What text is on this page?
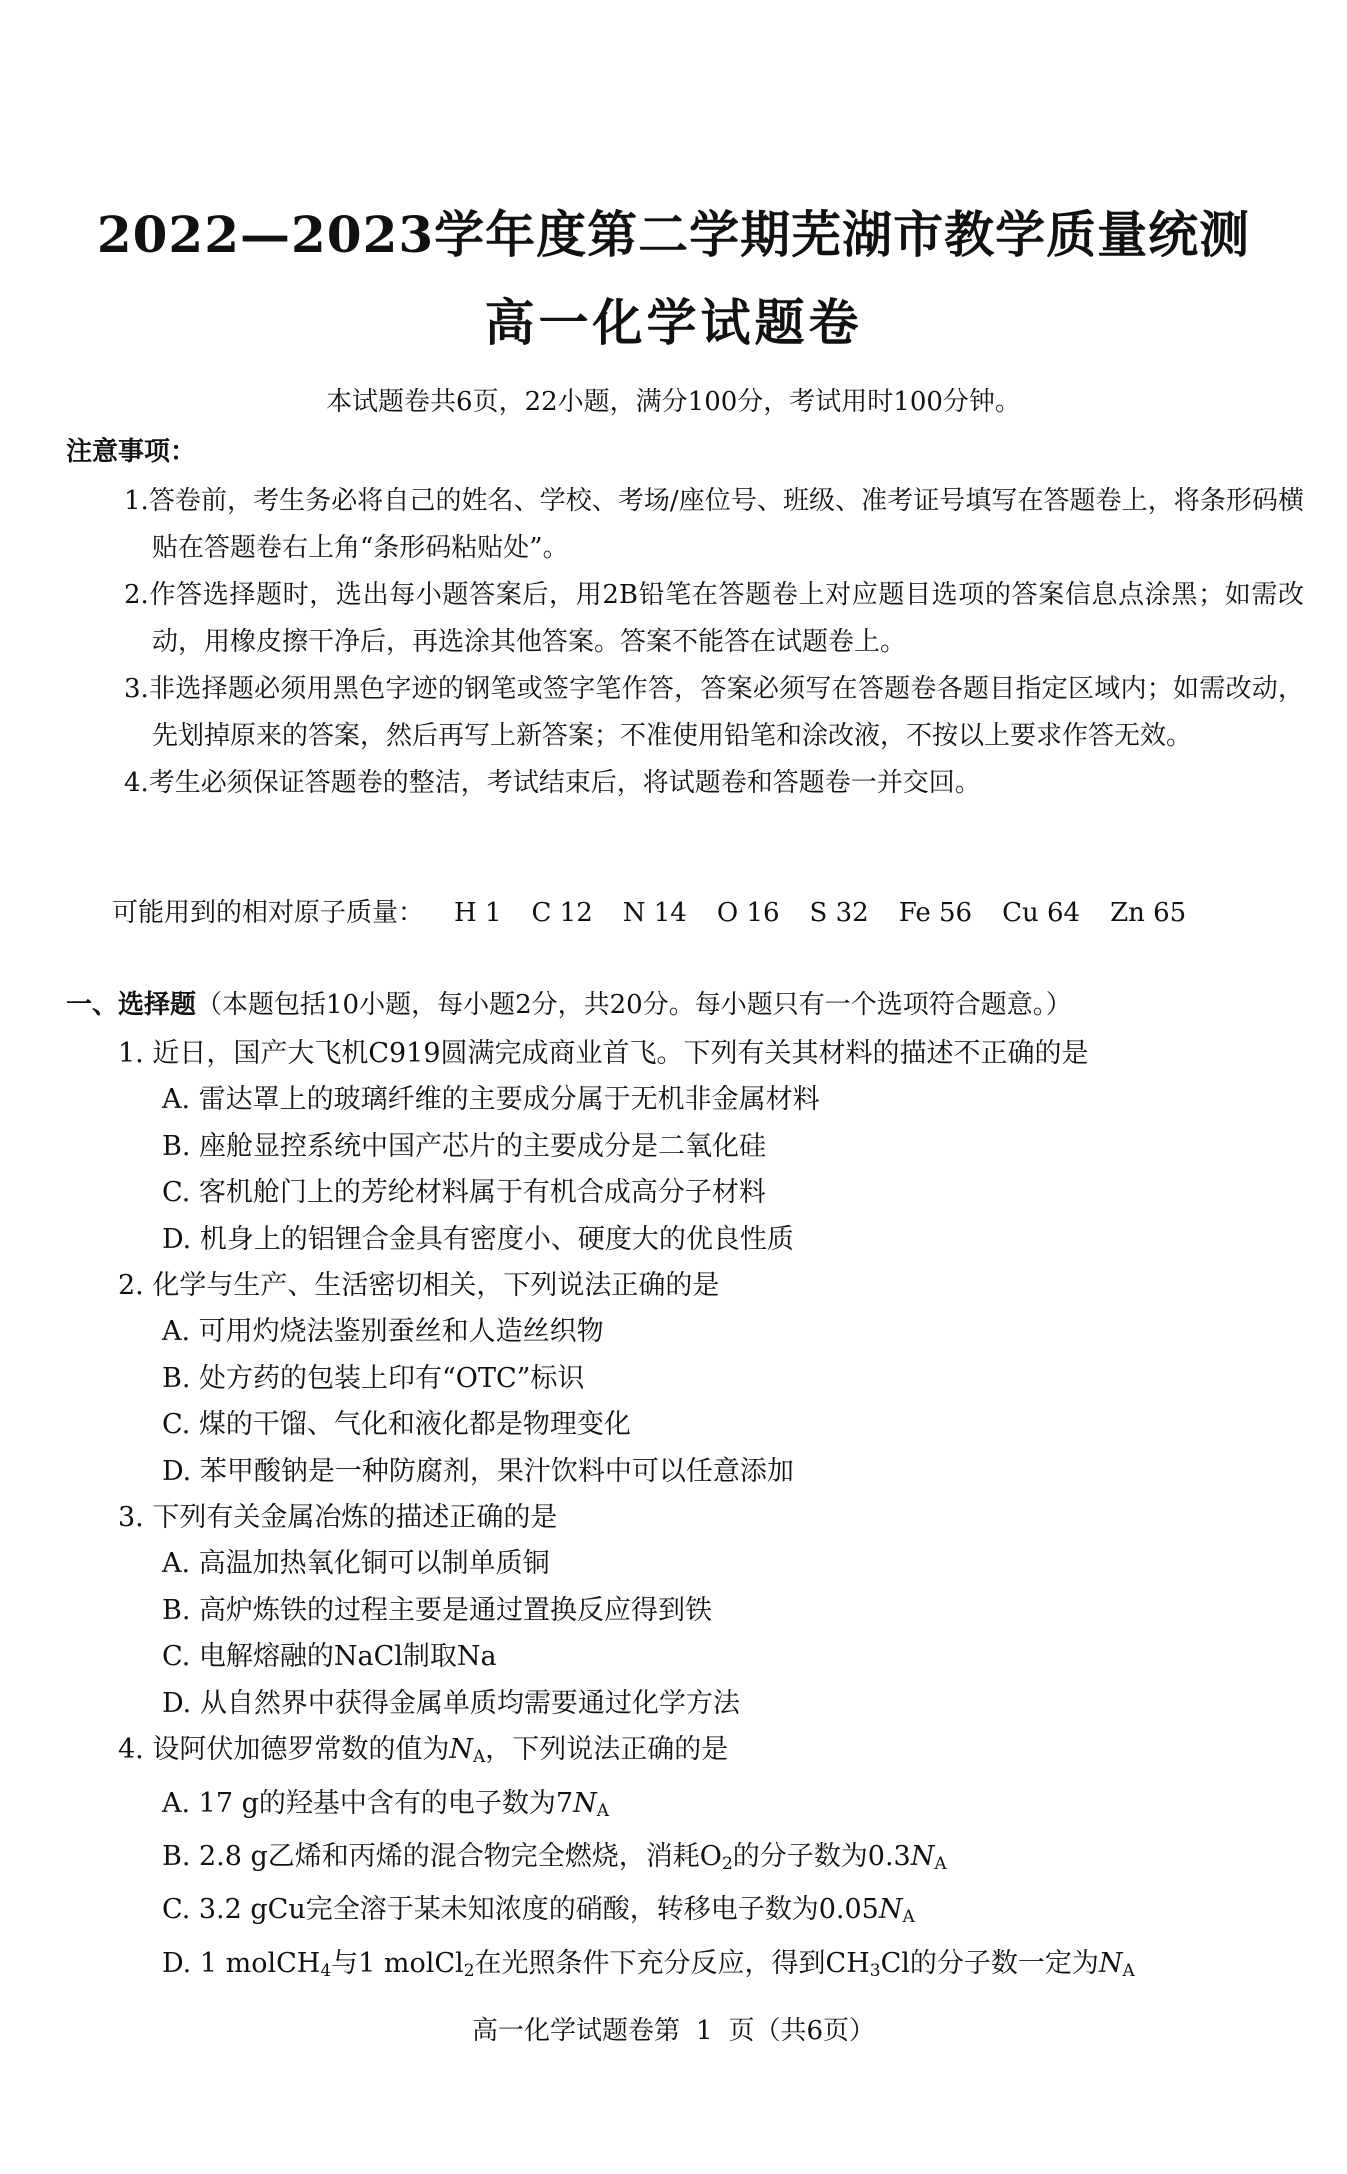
2022—2023学年度第二学期芜湖市教学质量统测
高一化学试题卷
本试题卷共6页，22小题，满分100分，考试用时100分钟。
注意事项：
1.答卷前，考生务必将自己的姓名、学校、考场/座位号、班级、准考证号填写在答题卷上，将条形码横贴在答题卷右上角“条形码粘贴处”。
2.作答选择题时，选出每小题答案后，用2B铅笔在答题卷上对应题目选项的答案信息点涂黑；如需改动，用橡皮擦干净后，再选涂其他答案。答案不能答在试题卷上。
3.非选择题必须用黑色字迹的钢笔或签字笔作答，答案必须写在答题卷各题目指定区域内；如需改动，先划掉原来的答案，然后再写上新答案；不准使用铅笔和涂改液，不按以上要求作答无效。
4.考生必须保证答题卷的整洁，考试结束后，将试题卷和答题卷一并交回。
可能用到的相对原子质量： H 1 C 12 N 14 O 16 S 32 Fe 56 Cu 64 Zn 65
一、选择题（本题包括10小题，每小题2分，共20分。每小题只有一个选项符合题意。）
1. 近日，国产大飞机C919圆满完成商业首飞。下列有关其材料的描述不正确的是
A. 雷达罩上的玻璃纤维的主要成分属于无机非金属材料
B. 座舱显控系统中国产芯片的主要成分是二氧化硅
C. 客机舱门上的芳纶材料属于有机合成高分子材料
D. 机身上的铝锂合金具有密度小、硬度大的优良性质
2. 化学与生产、生活密切相关，下列说法正确的是
A. 可用灼烧法鉴别蚕丝和人造丝织物
B. 处方药的包装上印有“OTC”标识
C. 煤的干馏、气化和液化都是物理变化
D. 苯甲酸钠是一种防腐剂，果汁饮料中可以任意添加
3. 下列有关金属冶炼的描述正确的是
A. 高温加热氧化铜可以制单质铜
B. 高炉炼铁的过程主要是通过置换反应得到铁
C. 电解熔融的NaCl制取Na
D. 从自然界中获得金属单质均需要通过化学方法
4. 设阿伏加德罗常数的值为$N_A$，下列说法正确的是
A. 17 g的羟基中含有的电子数为$7N_A$
B. 2.8 g乙烯和丙烯的混合物完全燃烧，消耗$O_2$的分子数为$0.3N_A$
C. 3.2 gCu完全溶于某未知浓度的硝酸，转移电子数为$0.05N_A$
D. 1 molCH$_4$与1 molCl$_2$在光照条件下充分反应，得到$CH_3Cl$的分子数一定为$N_A$
高一化学试题卷第 1 页（共6页）
